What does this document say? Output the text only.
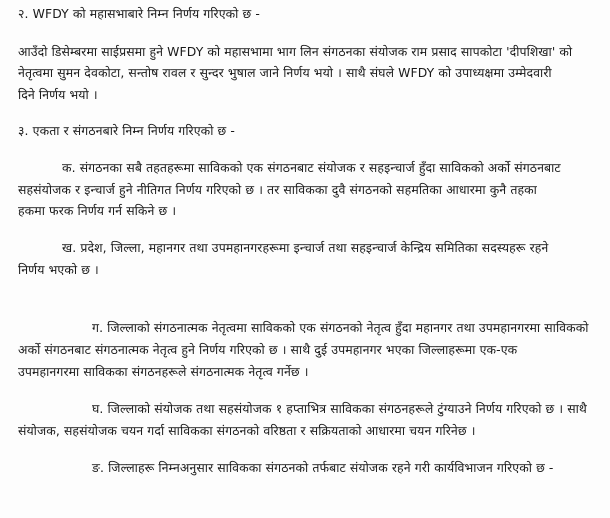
२. WFDY को महासभाबारे निम्न निर्णय गरिएको छ -
आउँदो डिसेम्बरमा साईप्रसमा हुने WFDY को महासभामा भाग लिन संगठनका संयोजक राम प्रसाद सापकोटा 'दीपशिखा' को
नेतृत्वमा सुमन देवकोटा, सन्तोष रावल र सुन्दर भुषाल जाने निर्णय भयो । साथै संघले WFDY को उपाध्यक्षमा उम्मेदवारी
दिने निर्णय भयो ।
३. एकता र संगठनबारे निम्न निर्णय गरिएको छ -
क. संगठनका सबै तहतहरूमा साविकको एक संगठनबाट संयोजक र सहइन्चार्ज हुँदा साविकको अर्को संगठनबाट
सहसंयोजक र इन्चार्ज हुने नीतिगत निर्णय गरिएको छ । तर साविकका दुवै संगठनको सहमतिका आधारमा कुनै तहका
हकमा फरक निर्णय गर्न सकिने छ ।
ख. प्रदेश, जिल्ला, महानगर तथा उपमहानगरहरूमा इन्चार्ज तथा सहइन्चार्ज केन्द्रिय समितिका सदस्यहरू रहने
निर्णय भएको छ ।
ग. जिल्लाको संगठनात्मक नेतृत्वमा साविकको एक संगठनको नेतृत्व हुँदा महानगर तथा उपमहानगरमा साविकको
अर्को संगठनबाट संगठनात्मक नेतृत्व हुने निर्णय गरिएको छ । साथै दुई उपमहानगर भएका जिल्लाहरूमा एक-एक
उपमहानगरमा साविकका संगठनहरूले संगठनात्मक नेतृत्व गर्नेछ ।
घ. जिल्लाको संयोजक तथा सहसंयोजक १ हप्ताभित्र साविकका संगठनहरूले टुंग्याउने निर्णय गरिएको छ । साथै
संयोजक, सहसंयोजक चयन गर्दा साविकका संगठनको वरिष्ठता र सक्रियताको आधारमा चयन गरिनेछ ।
ङ. जिल्लाहरू निम्नअनुसार साविकका संगठनको तर्फबाट संयोजक रहने गरी कार्यविभाजन गरिएको छ -
